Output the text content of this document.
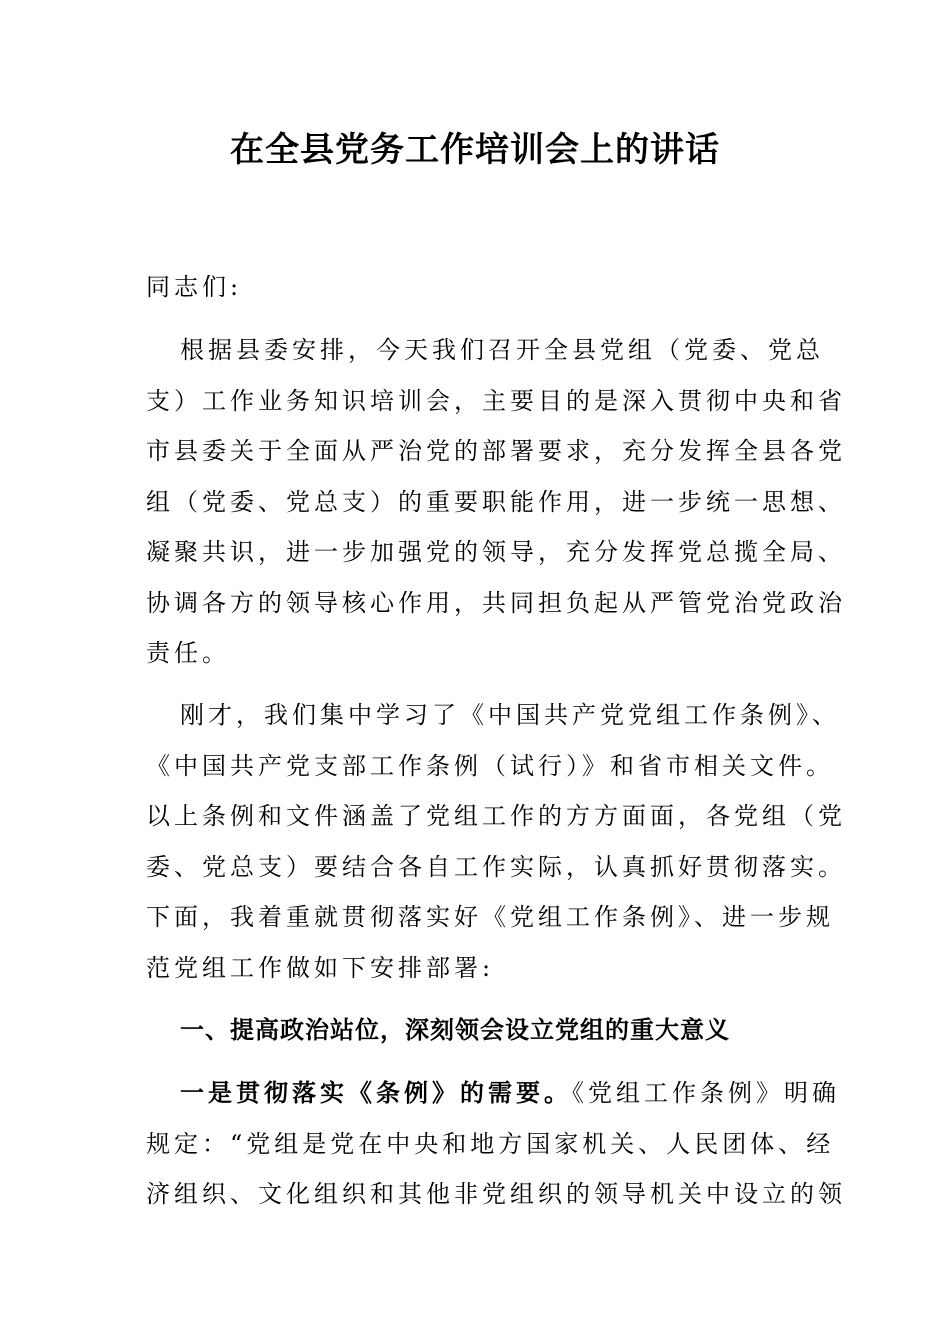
在全县党务工作培训会上的讲话
同志们:
根据县委安排，今天我们召开全县党组（党委、党总
支）工作业务知识培训会，主要目的是深入贯彻中央和省
市县委关于全面从严治党的部署要求，充分发挥全县各党
组（党委、党总支）的重要职能作用，进一步统一思想、
凝聚共识，进一步加强党的领导，充分发挥党总揽全局、
协调各方的领导核心作用，共同担负起从严管党治党政治
责任。
刚才，我们集中学习了《中国共产党党组工作条例》、
《中国共产党支部工作条例（试行）》和省市相关文件。
以上条例和文件涵盖了党组工作的方方面面，各党组（党
委、党总支）要结合各自工作实际，认真抓好贯彻落实。
下面，我着重就贯彻落实好《党组工作条例》、进一步规
范党组工作做如下安排部署:
一、提高政治站位，深刻领会设立党组的重大意义
一是贯彻落实《条例》的需要。《党组工作条例》明确
规定：“党组是党在中央和地方国家机关、人民团体、经
济组织、文化组织和其他非党组织的领导机关中设立的领
